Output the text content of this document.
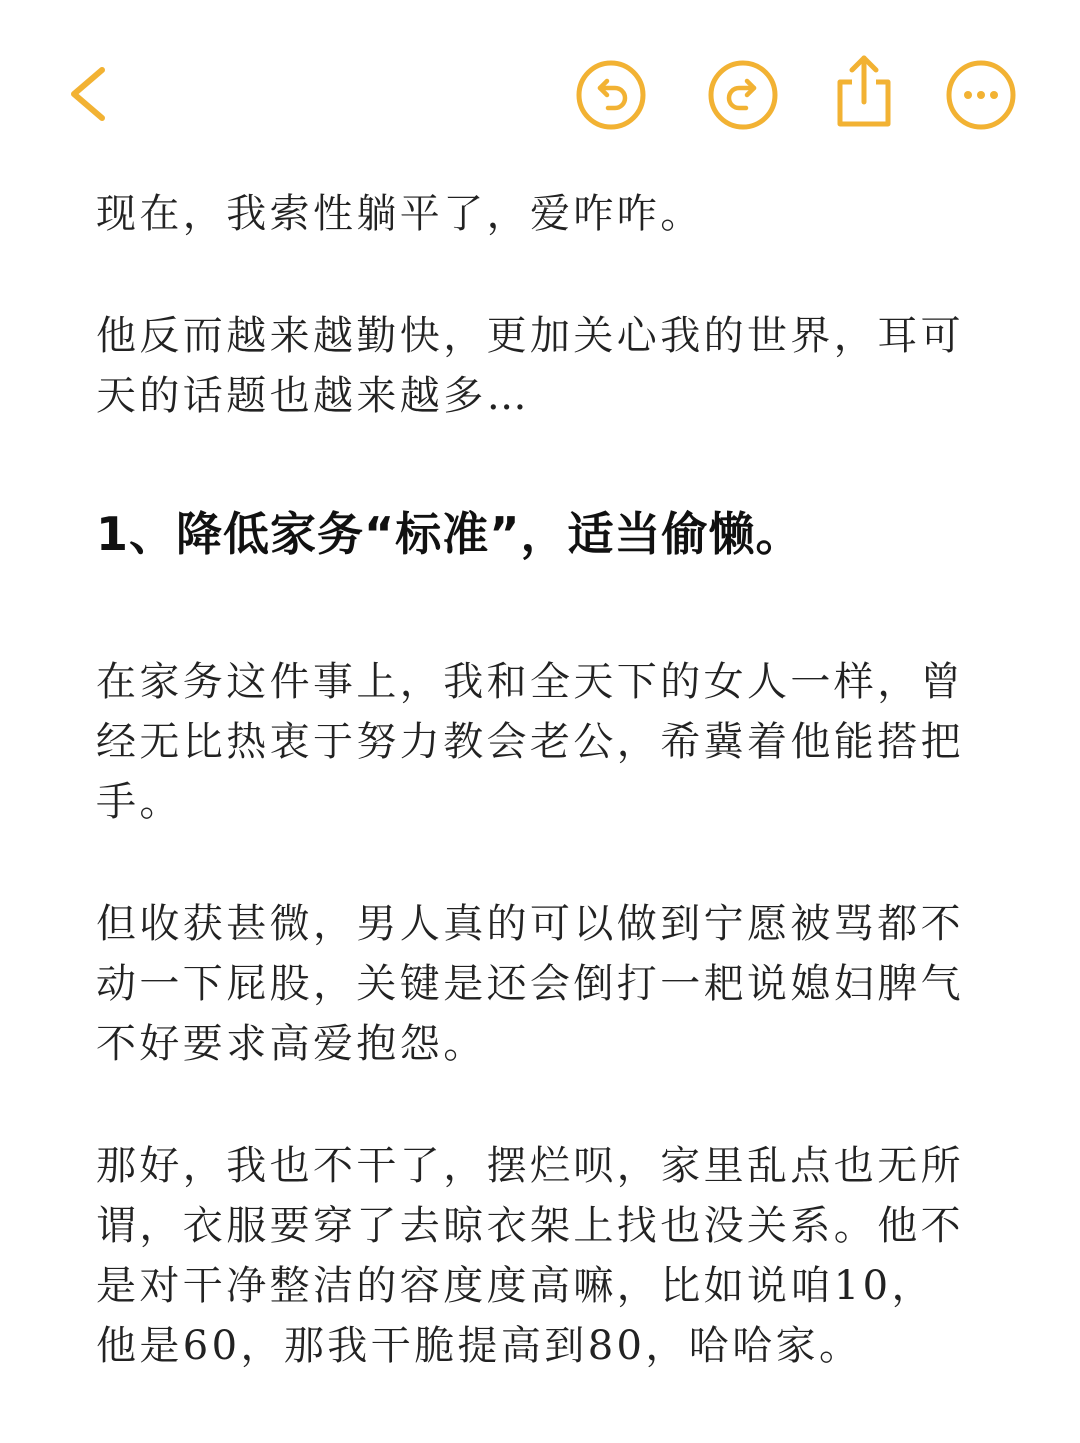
现在，我索性躺平了，爱咋咋。

他反而越来越勤快，更加关心我的世界，耳可天的话题也越来越多…

1、降低家务“标准”，适当偷懒。

在家务这件事上，我和全天下的女人一样，曾经无比热衷于努力教会老公，希冀着他能搭把手。

但收获甚微，男人真的可以做到宁愿被骂都不动一下屁股，关键是还会倒打一耙说媳妇脾气不好要求高爱抱怨。

那好，我也不干了，摆烂呗，家里乱点也无所谓，衣服要穿了去晾衣架上找也没关系。他不是对干净整洁的容度度高嘛，比如说咱10，他是60，那我干脆提高到80，哈哈家。
